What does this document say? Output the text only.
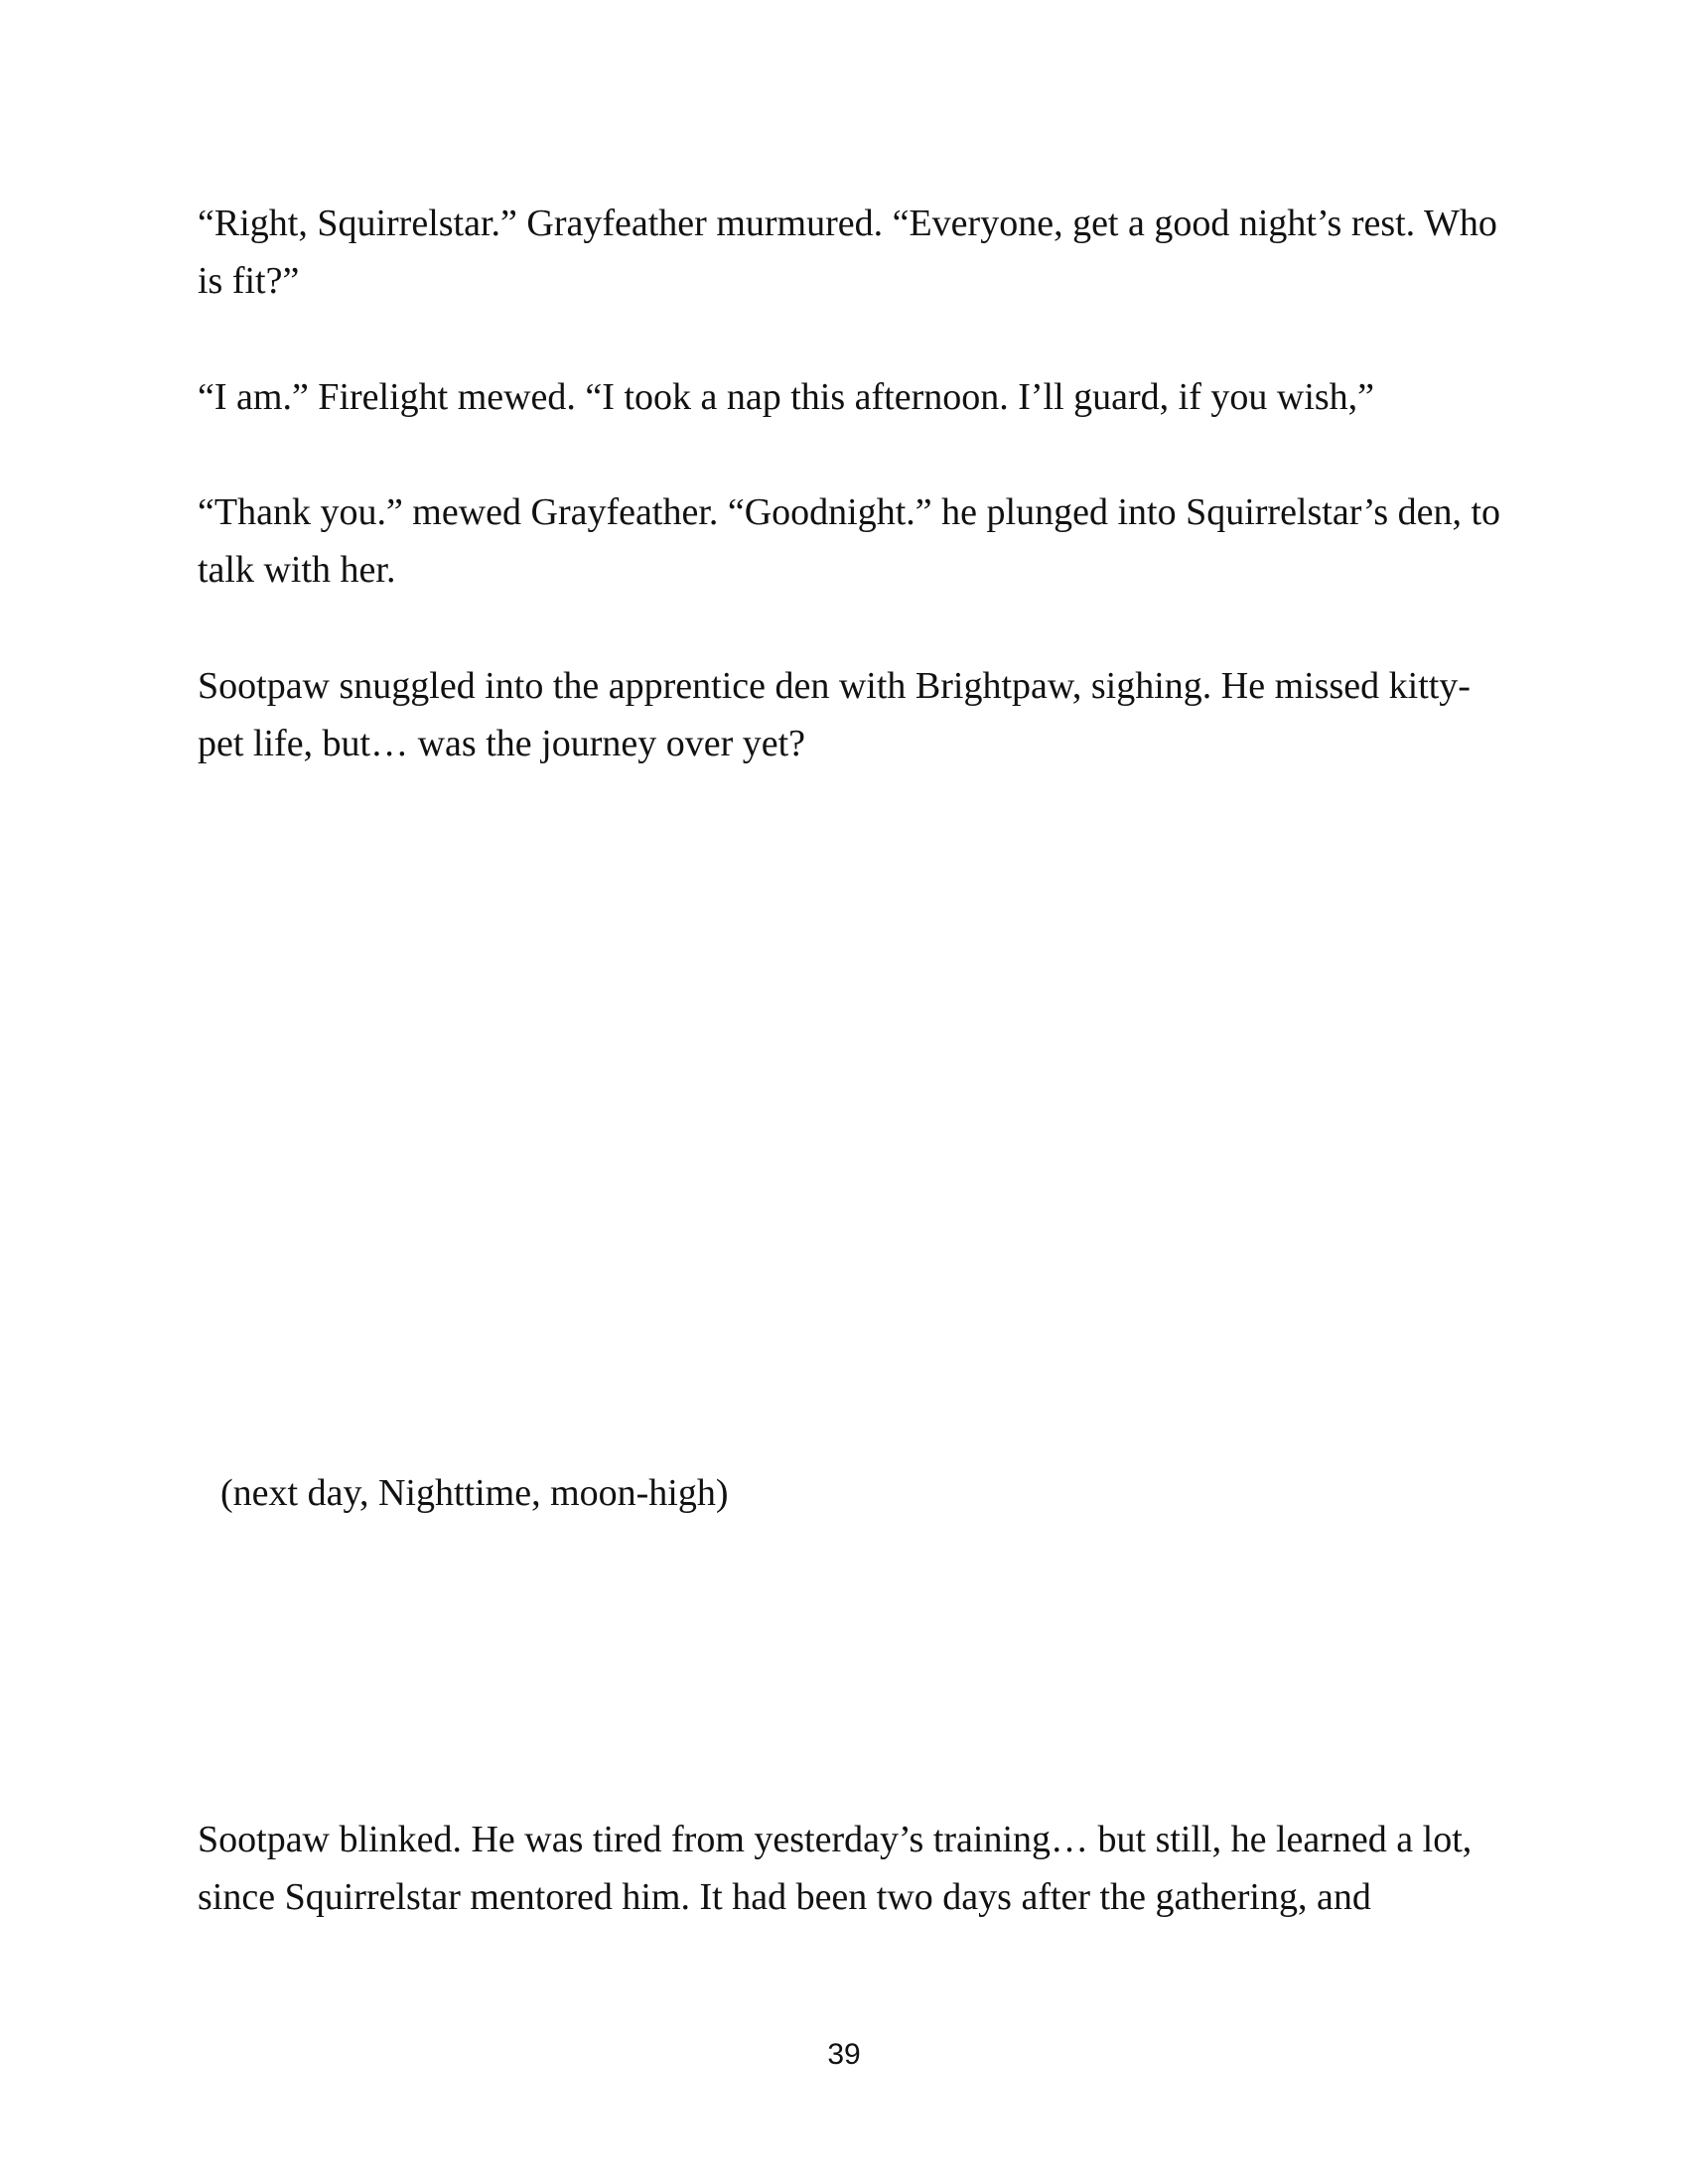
“Right, Squirrelstar.” Grayfeather murmured. “Everyone, get a good night’s rest. Who is fit?”

“I am.” Firelight mewed. “I took a nap this afternoon. I’ll guard, if you wish,”

“Thank you.” mewed Grayfeather. “Goodnight.” he plunged into Squirrelstar’s den, to talk with her.

Sootpaw snuggled into the apprentice den with Brightpaw, sighing. He missed kitty-pet life, but… was the journey over yet?

(next day, Nighttime, moon-high)

Sootpaw blinked. He was tired from yesterday’s training… but still, he learned a lot, since Squirrelstar mentored him. It had been two days after the gathering, and

39
